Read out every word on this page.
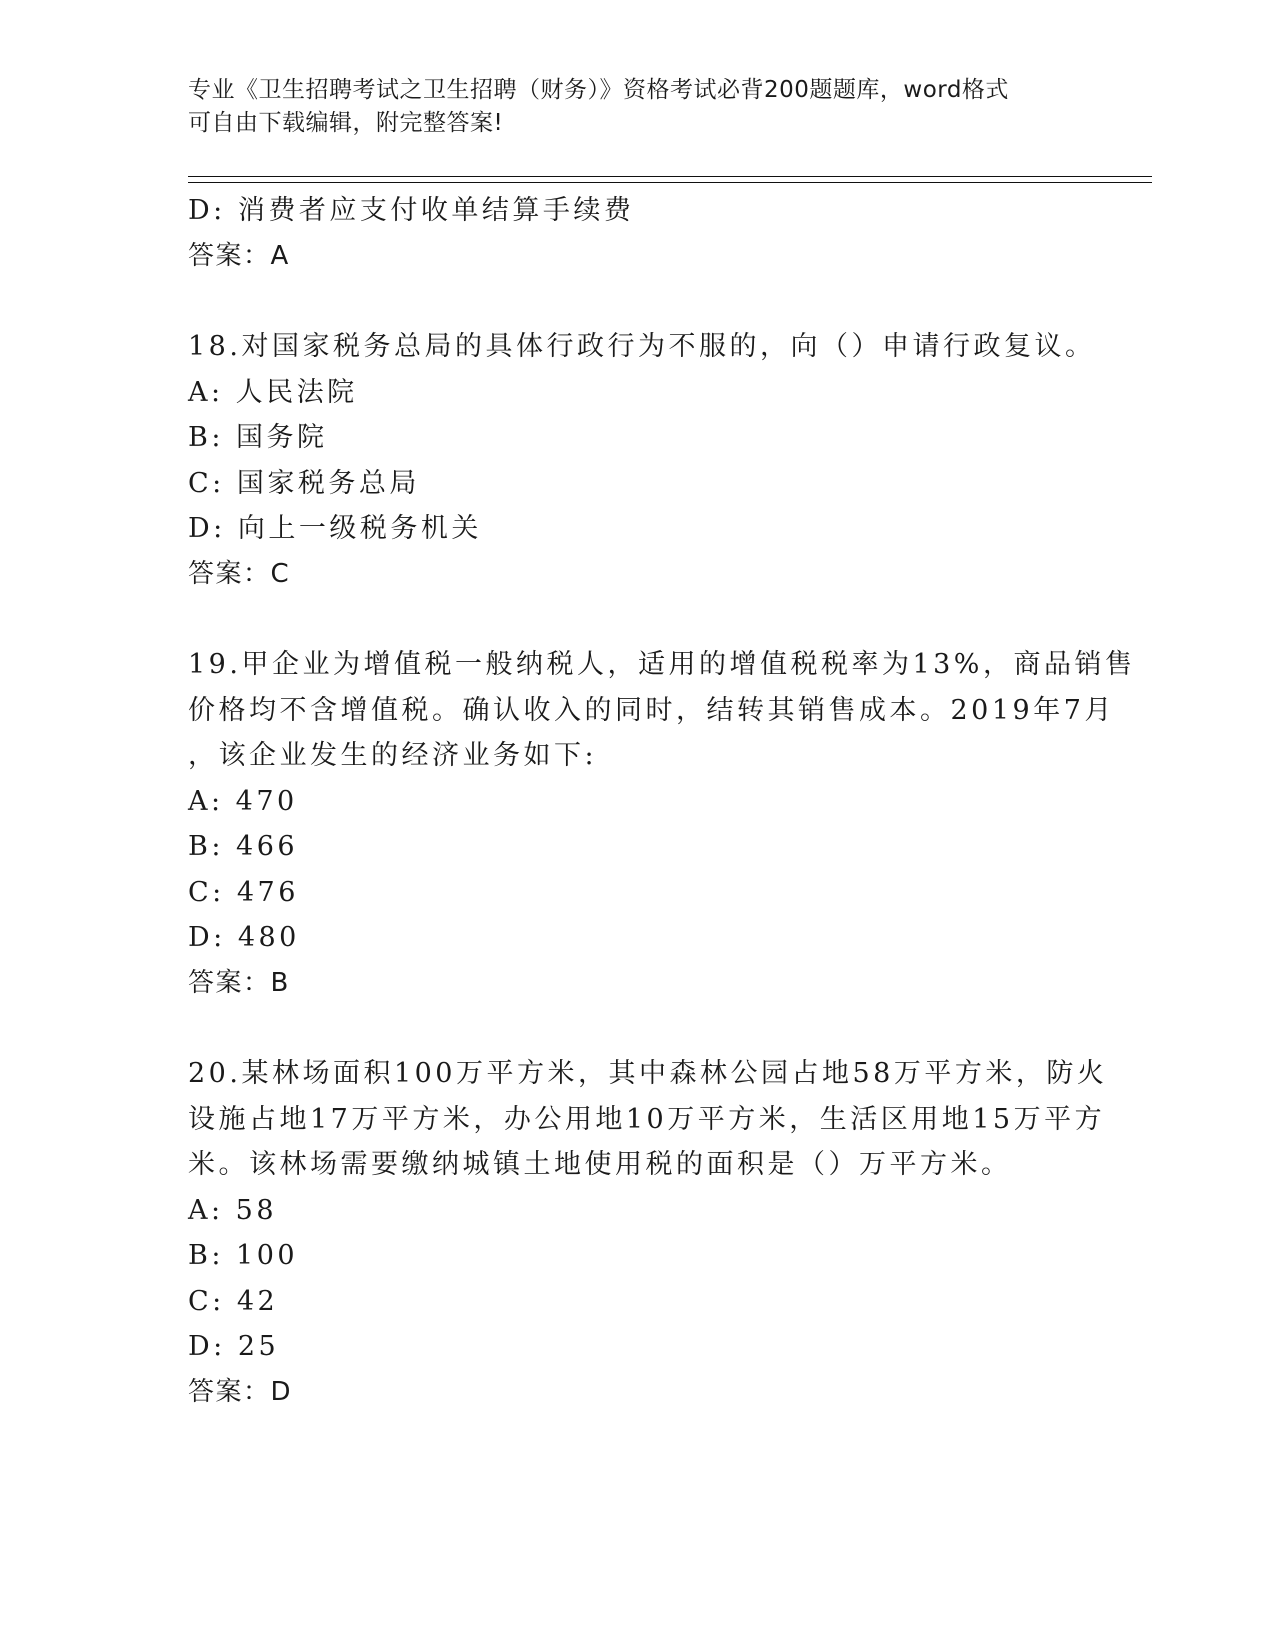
专业《卫生招聘考试之卫生招聘（财务）》资格考试必背200题题库，word格式
可自由下载编辑，附完整答案!
D: 消费者应支付收单结算手续费
答案：A
18.对国家税务总局的具体行政行为不服的，向（）申请行政复议。
A: 人民法院
B: 国务院
C: 国家税务总局
D: 向上一级税务机关
答案：C
19.甲企业为增值税一般纳税人，适用的增值税税率为13%，商品销售
价格均不含增值税。确认收入的同时，结转其销售成本。2019年7月
，该企业发生的经济业务如下:
A: 470
B: 466
C: 476
D: 480
答案：B
20.某林场面积100万平方米，其中森林公园占地58万平方米，防火
设施占地17万平方米，办公用地10万平方米，生活区用地15万平方
米。该林场需要缴纳城镇土地使用税的面积是（）万平方米。
A: 58
B: 100
C: 42
D: 25
答案：D
